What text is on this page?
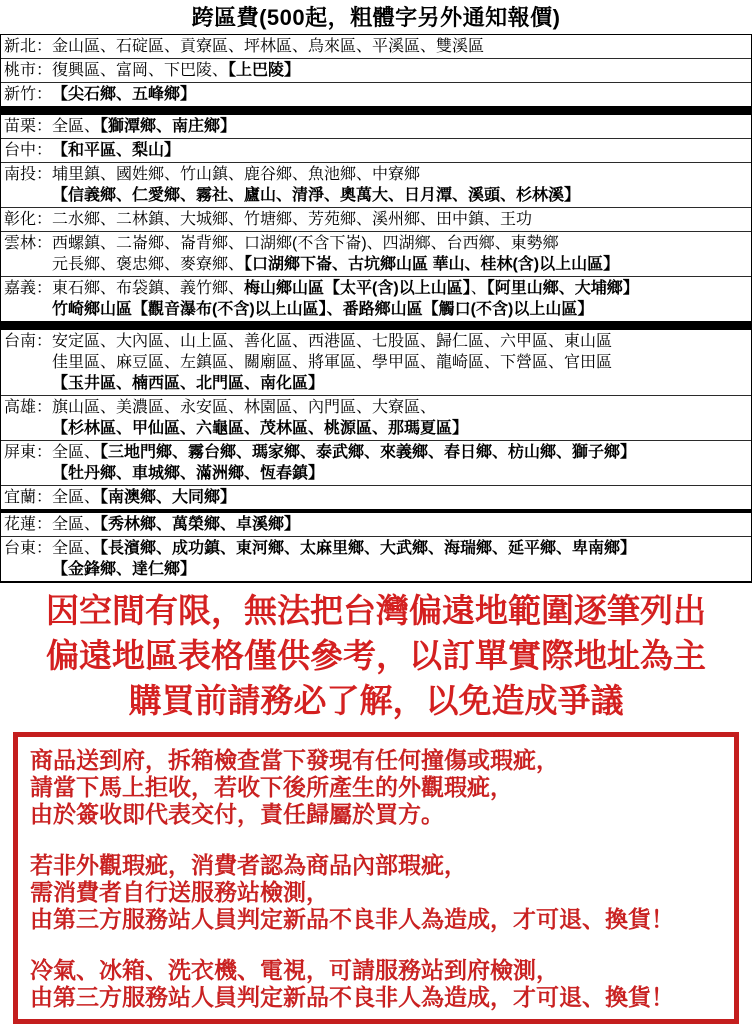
跨區費(500起，粗體字另外通知報價)
新北： 金山區、石碇區、貢寮區、坪林區、烏來區、平溪區、雙溪區
桃市： 復興區、富岡、下巴陵、【上巴陵】
新竹： 【尖石鄉、五峰鄉】
苗栗： 全區、【獅潭鄉、南庄鄉】
台中： 【和平區、梨山】
南投： 埔里鎮、國姓鄉、竹山鎮、鹿谷鄉、魚池鄉、中寮鄉
【信義鄉、仁愛鄉、霧社、廬山、清淨、奧萬大、日月潭、溪頭、杉林溪】
彰化： 二水鄉、二林鎮、大城鄉、竹塘鄉、芳苑鄉、溪州鄉、田中鎮、王功
雲林： 西螺鎮、二崙鄉、崙背鄉、口湖鄉(不含下崙)、四湖鄉、台西鄉、東勢鄉
元長鄉、褒忠鄉、麥寮鄉、【口湖鄉下崙、古坑鄉山區 華山、桂林(含)以上山區】
嘉義： 東石鄉、布袋鎮、義竹鄉、梅山鄉山區【太平(含)以上山區】、【阿里山鄉、大埔鄉】
竹崎鄉山區【觀音瀑布(不含)以上山區】、番路鄉山區【觸口(不含)以上山區】
台南： 安定區、大內區、山上區、善化區、西港區、七股區、歸仁區、六甲區、東山區
佳里區、麻豆區、左鎮區、關廟區、將軍區、學甲區、龍崎區、下營區、官田區
【玉井區、楠西區、北門區、南化區】
高雄： 旗山區、美濃區、永安區、林園區、內門區、大寮區、
【杉林區、甲仙區、六龜區、茂林區、桃源區、那瑪夏區】
屏東： 全區、【三地門鄉、霧台鄉、瑪家鄉、泰武鄉、來義鄉、春日鄉、枋山鄉、獅子鄉】
【牡丹鄉、車城鄉、滿洲鄉、恆春鎮】
宜蘭： 全區、【南澳鄉、大同鄉】
花蓮： 全區、【秀林鄉、萬榮鄉、卓溪鄉】
台東： 全區、【長濱鄉、成功鎮、東河鄉、太麻里鄉、大武鄉、海瑞鄉、延平鄉、卑南鄉】
【金鋒鄉、達仁鄉】
因空間有限，無法把台灣偏遠地範圍逐筆列出
偏遠地區表格僅供參考，以訂單實際地址為主
購買前請務必了解，以免造成爭議
商品送到府，拆箱檢查當下發現有任何撞傷或瑕疵，
請當下馬上拒收，若收下後所產生的外觀瑕疵，
由於簽收即代表交付，責任歸屬於買方。
若非外觀瑕疵，消費者認為商品內部瑕疵，
需消費者自行送服務站檢測，
由第三方服務站人員判定新品不良非人為造成，才可退、換貨！
冷氣、冰箱、洗衣機、電視，可請服務站到府檢測，
由第三方服務站人員判定新品不良非人為造成，才可退、換貨！
